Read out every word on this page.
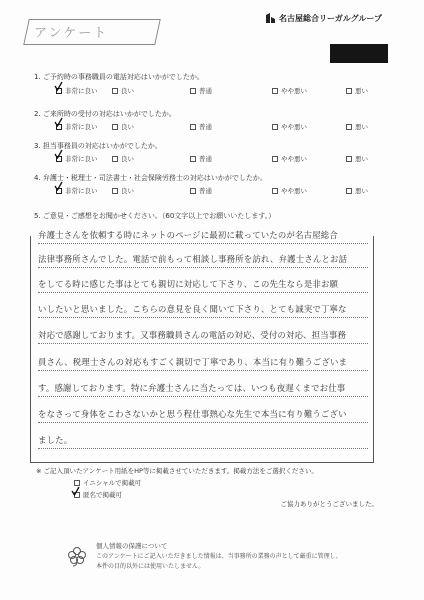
アンケート
名古屋総合リーガルグループ
1. ご予約時の事務職員の電話対応はいかがでしたか。
非常に良い	良い	普通	やや悪い	悪い
2. ご来所時の受付の対応はいかがでしたか。
非常に良い	良い	普通	やや悪い	悪い
3. 担当事務員の対応はいかがでしたか。
非常に良い	良い	普通	やや悪い	悪い
4. 弁護士・税理士・司法書士・社会保険労務士の対応はいかがでしたか。
非常に良い	良い	普通	やや悪い	悪い
5. ご意見・ご感想をお聞かせください。（60文字以上でお願いいたします。）
弁護士さんを依頼する時にネットのページに最初に載っていたのが名古屋総合
法律事務所さんでした。電話で前もって相談し事務所を訪れ、弁護士さんとお話
をしてる時に感じた事はとても親切に対応して下さり、この先生なら是非お願
いしたいと思いました。こちらの意見を良く聞いて下さり、とても誠実で丁寧な
対応で感謝しております。又事務職員さんの電話の対応、受付の対応、担当事務
員さん、税理士さんの対応もすごく親切で丁寧であり、本当に有り難うございま
す。感謝しております。特に弁護士さんに当たっては、いつも夜遅くまでお仕事
をなさって身体をこわさないかと思う程仕事熱心な先生で本当に有り難うござい
ました。
※ ご記入頂いたアンケート用紙をHP等に掲載させていただきます。掲載方法をご選択ください。
イニシャルで掲載可
匿名で掲載可
ご協力ありがとうございました。
個人情報の保護について
このアンケートにご記入いただきました情報は、当事務所の業務の声として厳重に管理し、
本件の目的以外には使用いたしません。
